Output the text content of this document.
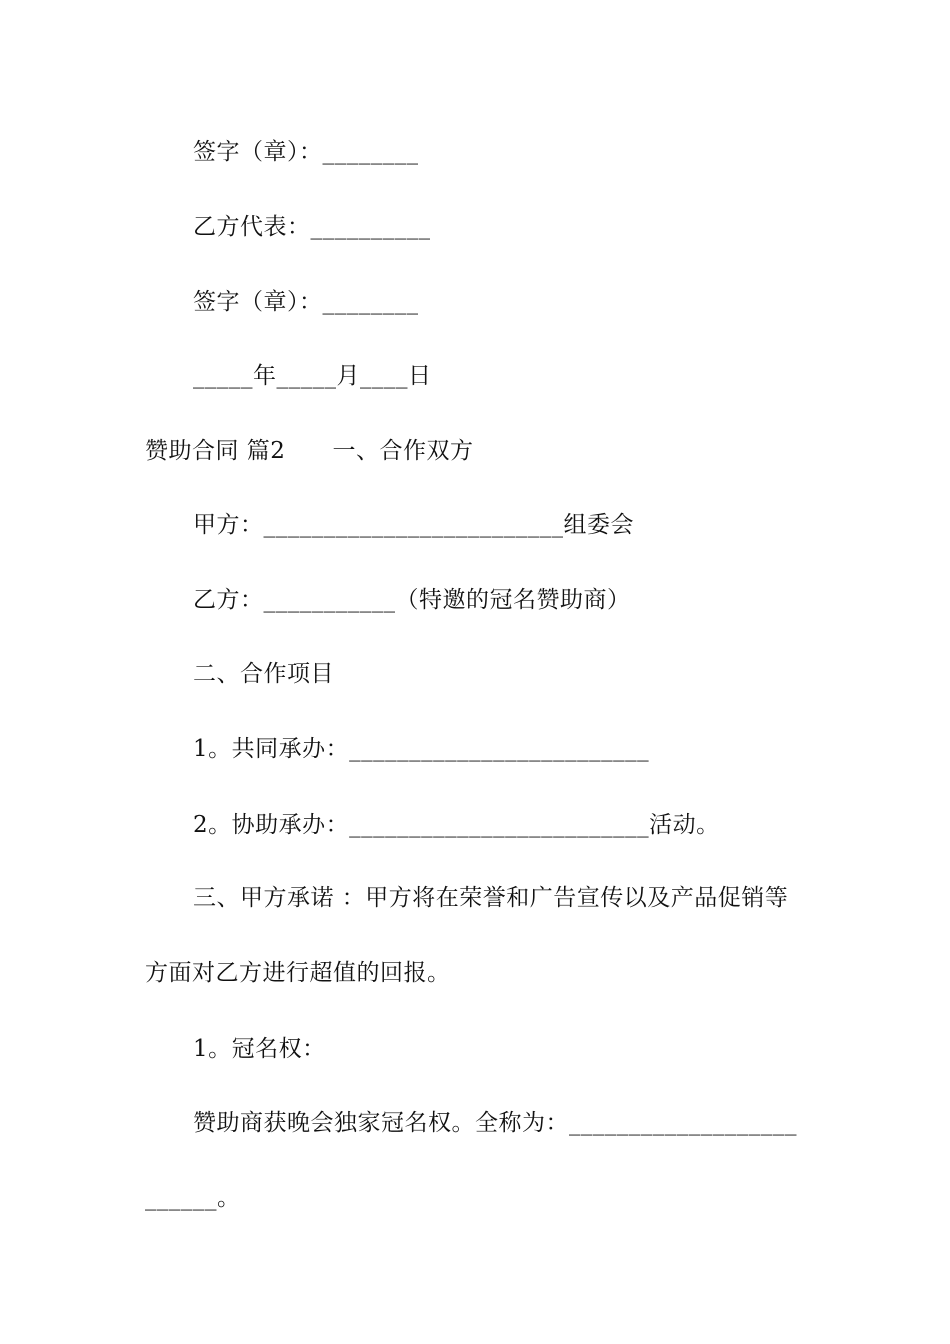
签字（章）：________
乙方代表：__________
签字（章）：________
_____年_____月____日
赞助合同 篇2　　一、合作双方
甲方：_________________________组委会
乙方：___________（特邀的冠名赞助商）
二、合作项目
1。共同承办：_________________________
2。协助承办：_________________________活动。
三、甲方承诺 ：甲方将在荣誉和广告宣传以及产品促销等
方面对乙方进行超值的回报。
1。冠名权：
赞助商获晚会独家冠名权。全称为：___________________
______。
